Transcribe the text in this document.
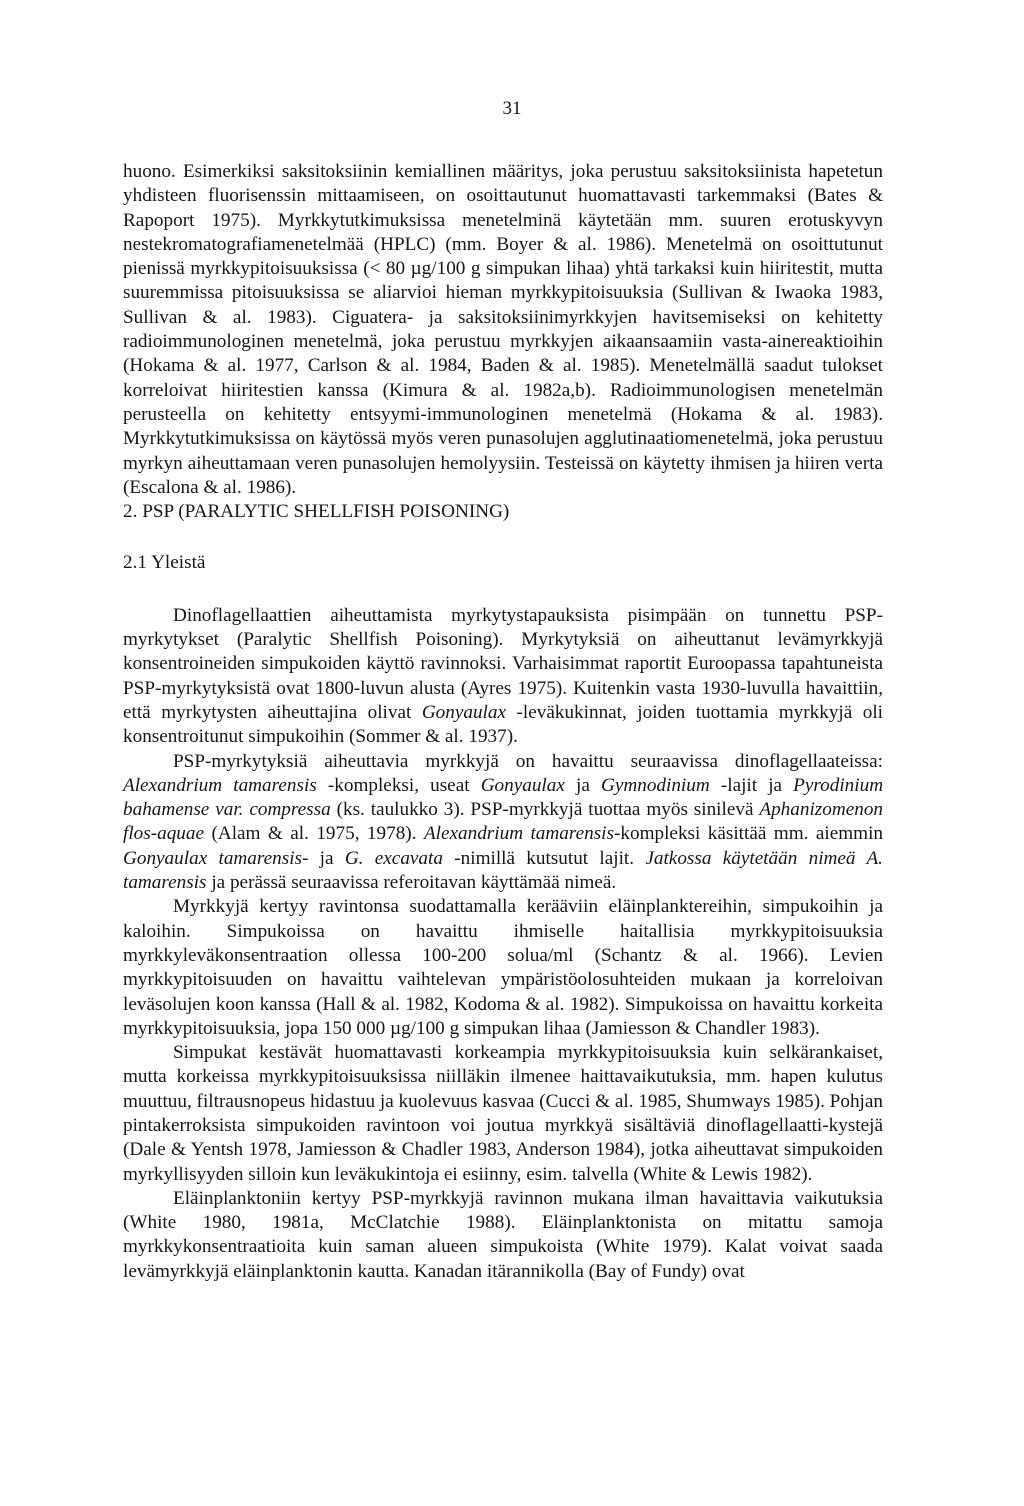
31

huono. Esimerkiksi saksitoksiinin kemiallinen määritys, joka perustuu saksitoksiinista hapetetun yhdisteen fluorisenssin mittaamiseen, on osoittautunut huomattavasti tarkemmaksi (Bates & Rapoport 1975). Myrkkytutkimuksissa menetelminä käytetään mm. suuren erotuskyvyn nestekromatografiamenetelmää (HPLC) (mm. Boyer & al. 1986). Menetelmä on osoittutunut pienissä myrkkypitoisuuksissa (< 80 µg/100 g simpukan lihaa) yhtä tarkaksi kuin hiiritestit, mutta suuremmissa pitoisuuksissa se aliarvioi hieman myrkkypitoisuuksia (Sullivan & Iwaoka 1983, Sullivan & al. 1983). Ciguatera- ja saksitoksiinimyrkkyjen havitsemiseksi on kehitetty radioimmunologinen menetelmä, joka perustuu myrkkyjen aikaansaamiin vasta-ainereaktioihin (Hokama & al. 1977, Carlson & al. 1984, Baden & al. 1985). Menetelmällä saadut tulokset korreloivat hiiritestien kanssa (Kimura & al. 1982a,b). Radioimmunologisen menetelmän perusteella on kehitetty entsyymi-immunologinen menetelmä (Hokama & al. 1983). Myrkkytutkimuksissa on käytössä myös veren punasolujen agglutinaatiomenetelmä, joka perustuu myrkyn aiheuttamaan veren punasolujen hemolyysiin. Testeissä on käytetty ihmisen ja hiiren verta (Escalona & al. 1986).

2. PSP (PARALYTIC SHELLFISH POISONING)

2.1 Yleistä

Dinoflagellaattien aiheuttamista myrkytystapauksista pisimpään on tunnettu PSP-myrkytykset (Paralytic Shellfish Poisoning). Myrkytyksiä on aiheuttanut levämyrkkyjä konsentroineiden simpukoiden käyttö ravinnoksi. Varhaisimmat raportit Euroopassa tapahtuneista PSP-myrkytyksistä ovat 1800-luvun alusta (Ayres 1975). Kuitenkin vasta 1930-luvulla havaittiin, että myrkytysten aiheuttajina olivat Gonyaulax -leväkukinnat, joiden tuottamia myrkkyjä oli konsentroitunut simpukoihin (Sommer & al. 1937).

PSP-myrkytyksiä aiheuttavia myrkkyjä on havaittu seuraavissa dinoflagellaateissa: Alexandrium tamarensis -kompleksi, useat Gonyaulax ja Gymnodinium -lajit ja Pyrodinium bahamense var. compressa (ks. taulukko 3). PSP-myrkkyjä tuottaa myös sinilevä Aphanizomenon flos-aquae (Alam & al. 1975, 1978). Alexandrium tamarensis-kompleksi käsittää mm. aiemmin Gonyaulax tamarensis- ja G. excavata -nimillä kutsutut lajit. Jatkossa käytetään nimeä A. tamarensis ja perässä seuraavissa referoitavan käyttämää nimeä.

Myrkkyjä kertyy ravintonsa suodattamalla kerääviin eläinplanktereihin, simpukoihin ja kaloihin. Simpukoissa on havaittu ihmiselle haitallisia myrkkypitoisuuksia myrkkyleväkonsentraation ollessa 100-200 solua/ml (Schantz & al. 1966). Levien myrkkypitoisuuden on havaittu vaihtelevan ympäristöolosuhteiden mukaan ja korreloivan leväsolujen koon kanssa (Hall & al. 1982, Kodoma & al. 1982). Simpukoissa on havaittu korkeita myrkkypitoisuuksia, jopa 150 000 µg/100 g simpukan lihaa (Jamiesson & Chandler 1983).

Simpukat kestävät huomattavasti korkeampia myrkkypitoisuuksia kuin selkärankaiset, mutta korkeissa myrkkypitoisuuksissa niilläkin ilmenee haittavaikutuksia, mm. hapen kulutus muuttuu, filtrausnopeus hidastuu ja kuolevuus kasvaa (Cucci & al. 1985, Shumways 1985). Pohjan pintakerroksista simpukoiden ravintoon voi joutua myrkkyä sisältäviä dinoflagellaatti-kystejä (Dale & Yentsh 1978, Jamiesson & Chadler 1983, Anderson 1984), jotka aiheuttavat simpukoiden myrkyllisyyden silloin kun leväkukintoja ei esiinny, esim. talvella (White & Lewis 1982).

Eläinplanktoniin kertyy PSP-myrkkyjä ravinnon mukana ilman havaittavia vaikutuksia (White 1980, 1981a, McClatchie 1988). Eläinplanktonista on mitattu samoja myrkkykonsentraatioita kuin saman alueen simpukoista (White 1979). Kalat voivat saada levämyrkkyjä eläinplanktonin kautta. Kanadan itärannikolla (Bay of Fundy) ovat
